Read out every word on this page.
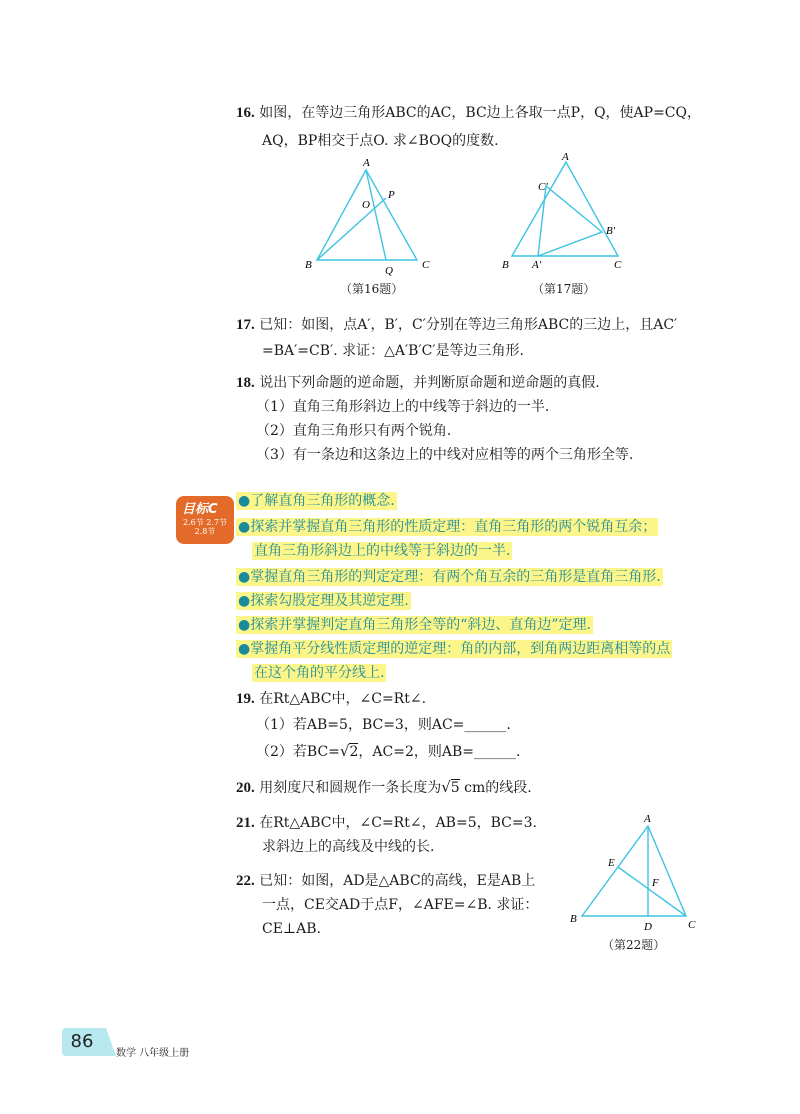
16. 如图，在等边三角形ABC的AC，BC边上各取一点P，Q，使AP=CQ，
AQ，BP相交于点O. 求∠BOQ的度数.
A
B	C
P
O
Q
（第16题）
A
B	C
A′
B′
C′
（第17题）
17. 已知：如图，点A′，B′，C′分别在等边三角形ABC的三边上，且AC′
=BA′=CB′. 求证：△A′B′C′是等边三角形.
18. 说出下列命题的逆命题，并判断原命题和逆命题的真假.
（1）直角三角形斜边上的中线等于斜边的一半.
（2）直角三角形只有两个锐角.
（3）有一条边和这条边上的中线对应相等的两个三角形全等.
目标C
2.6节 2.7节 2.8节
●了解直角三角形的概念.
●探索并掌握直角三角形的性质定理：直角三角形的两个锐角互余；
直角三角形斜边上的中线等于斜边的一半.
●掌握直角三角形的判定定理：有两个角互余的三角形是直角三角形.
●探索勾股定理及其逆定理.
●探索并掌握判定直角三角形全等的“斜边、直角边”定理.
●掌握角平分线性质定理的逆定理：角的内部，到角两边距离相等的点
在这个角的平分线上.
19. 在Rt△ABC中，∠C=Rt∠.
（1）若AB=5，BC=3，则AC=______.
（2）若BC=√2，AC=2，则AB=______.
20. 用刻度尺和圆规作一条长度为√5 cm的线段.
21. 在Rt△ABC中，∠C=Rt∠，AB=5，BC=3.
求斜边上的高线及中线的长.
22. 已知：如图，AD是△ABC的高线，E是AB上
一点，CE交AD于点F，∠AFE=∠B. 求证：
CE⊥AB.
A
B	C
D
E
F
（第22题）
86
数学 八年级上册
